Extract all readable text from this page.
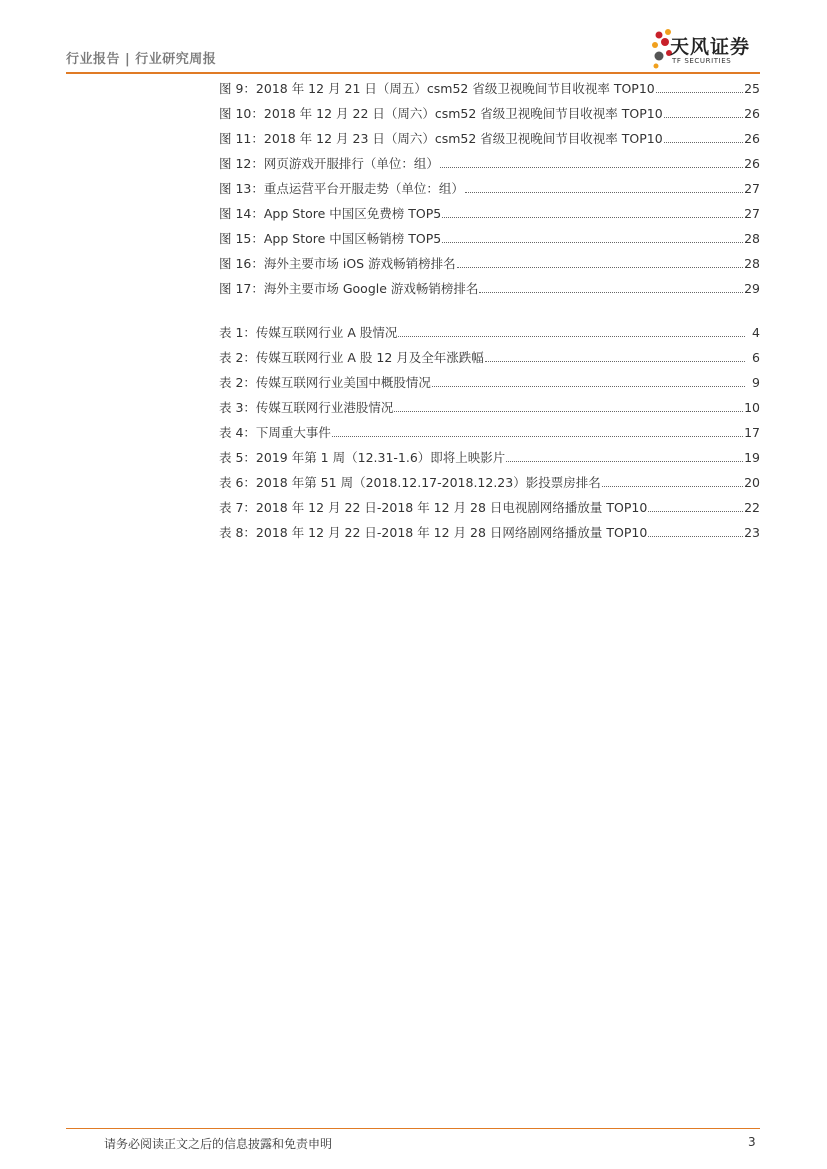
行业报告 | 行业研究周报
天风证券
TF SECURITIES
图 9：2018 年 12 月 21 日（周五）csm52 省级卫视晚间节目收视率 TOP10	25
图 10：2018 年 12 月 22 日（周六）csm52 省级卫视晚间节目收视率 TOP10	26
图 11：2018 年 12 月 23 日（周六）csm52 省级卫视晚间节目收视率 TOP10	26
图 12：网页游戏开服排行（单位：组）	26
图 13：重点运营平台开服走势（单位：组）	27
图 14：App Store 中国区免费榜 TOP5	27
图 15：App Store 中国区畅销榜 TOP5	28
图 16：海外主要市场 iOS 游戏畅销榜排名	28
图 17：海外主要市场 Google 游戏畅销榜排名	29
表 1：传媒互联网行业 A 股情况	4
表 2：传媒互联网行业 A 股 12 月及全年涨跌幅	6
表 2：传媒互联网行业美国中概股情况	9
表 3：传媒互联网行业港股情况	10
表 4：下周重大事件	17
表 5：2019 年第 1 周（12.31-1.6）即将上映影片	19
表 6：2018 年第 51 周（2018.12.17-2018.12.23）影投票房排名	20
表 7：2018 年 12 月 22 日-2018 年 12 月 28 日电视剧网络播放量 TOP10	22
表 8：2018 年 12 月 22 日-2018 年 12 月 28 日网络剧网络播放量 TOP10	23
请务必阅读正文之后的信息披露和免责申明	3
